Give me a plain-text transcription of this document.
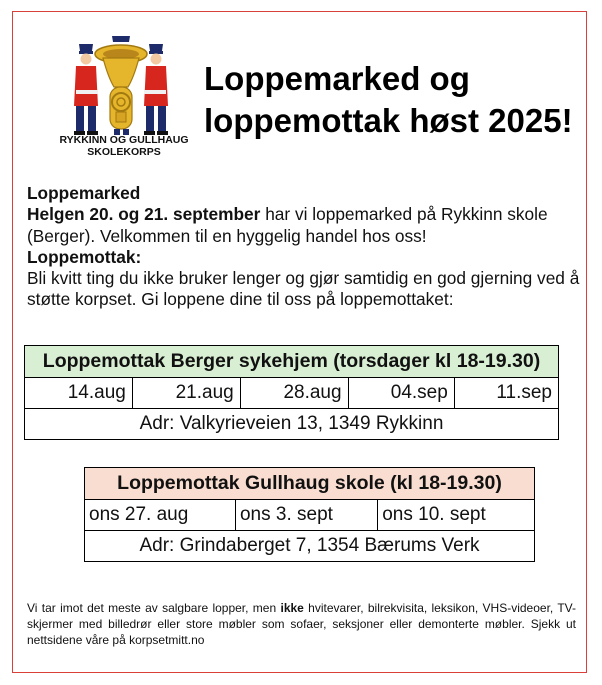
RYKKINN OG GULLHAUG
SKOLEKORPS
Loppemarked og
loppemottak høst 2025!
Loppemarked
Helgen 20. og 21. september har vi loppemarked på Rykkinn skole (Berger). Velkommen til en hyggelig handel hos oss!
Loppemottak:
Bli kvitt ting du ikke bruker lenger og gjør samtidig en god gjerning ved å støtte korpset. Gi loppene dine til oss på loppemottaket:
Loppemottak Berger sykehjem (torsdager kl 18-19.30)
14.aug	21.aug	28.aug	04.sep	11.sep
Adr: Valkyrieveien 13, 1349 Rykkinn
Loppemottak Gullhaug skole (kl 18-19.30)
ons 27. aug	ons 3. sept	ons 10. sept
Adr: Grindaberget 7, 1354 Bærums Verk
Vi tar imot det meste av salgbare lopper, men ikke hvitevarer, bilrekvisita, leksikon, VHS-videoer, TV-skjermer med billedrør eller store møbler som sofaer, seksjoner eller demonterte møbler. Sjekk ut nettsidene våre på korpsetmitt.no
